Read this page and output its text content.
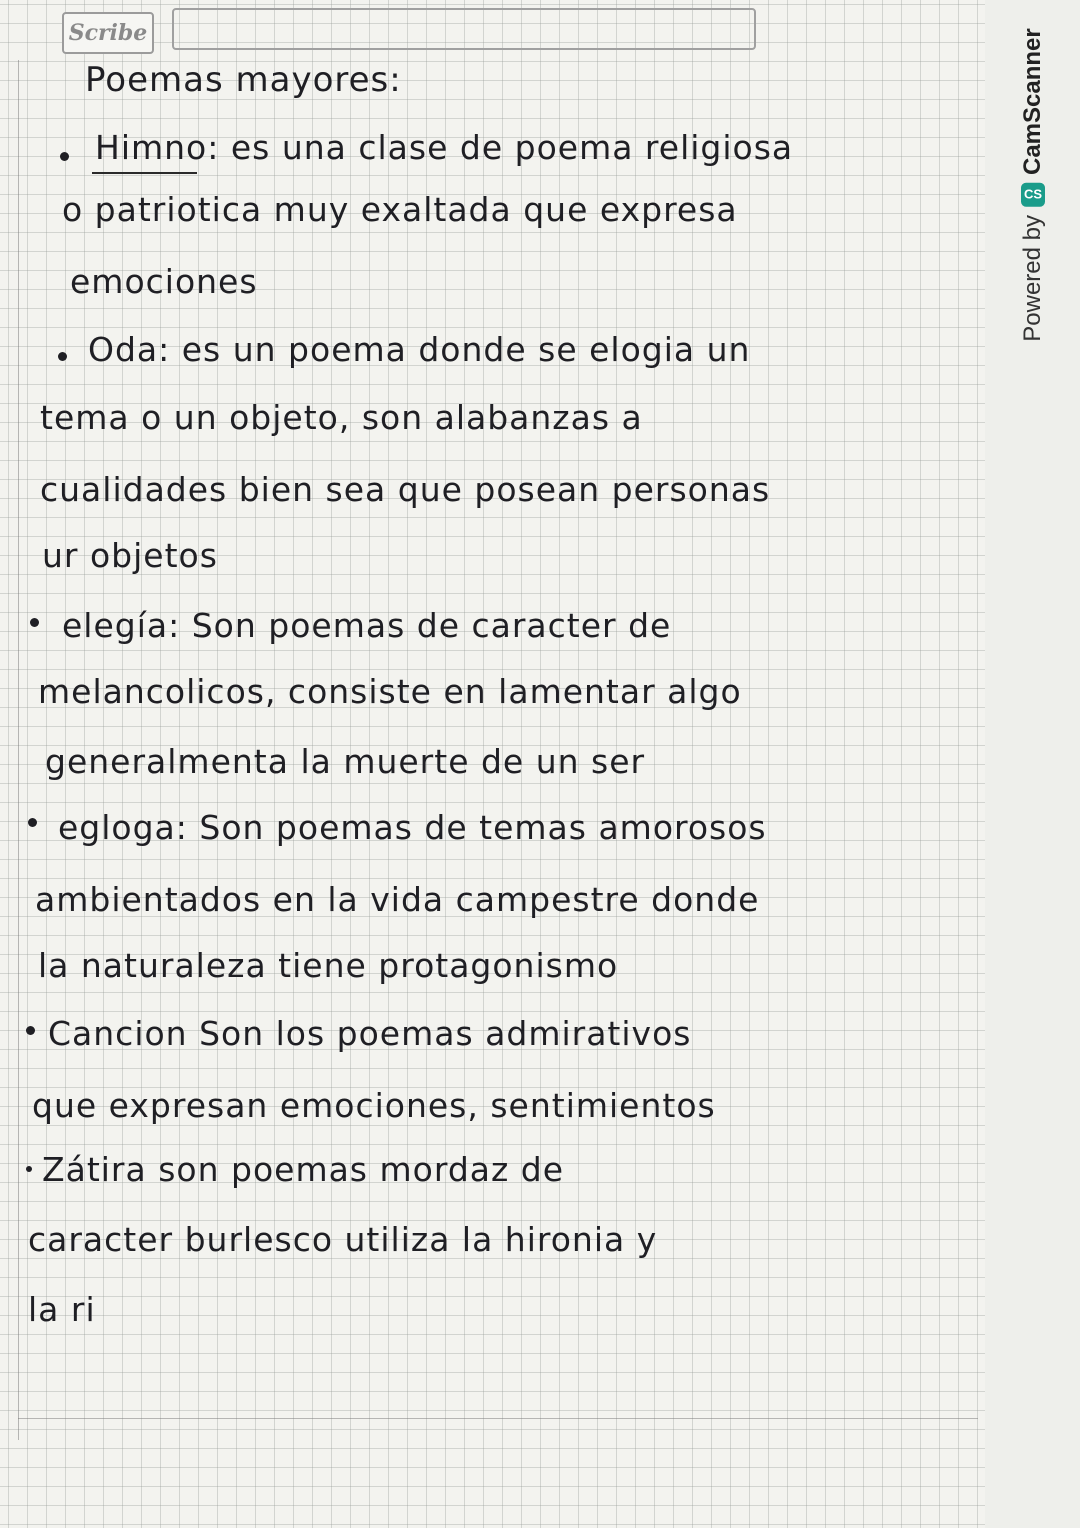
Scribe
Poemas mayores:
Himno: es una clase de poema religiosa
o patriotica muy exaltada que expresa
emociones
Oda: es un poema donde se elogia un
tema o un objeto, son alabanzas a
cualidades bien sea que posean personas
ur objetos
elegía: Son poemas de caracter de
melancolicos, consiste en lamentar algo
generalmenta la muerte de un ser
egloga: Son poemas de temas amorosos
ambientados en la vida campestre donde
la naturaleza tiene protagonismo
Cancion Son los poemas admirativos
que expresan emociones, sentimientos
Zátira son poemas mordaz de
caracter burlesco utiliza la hironia y
la ri
Powered by
CS
CamScanner
